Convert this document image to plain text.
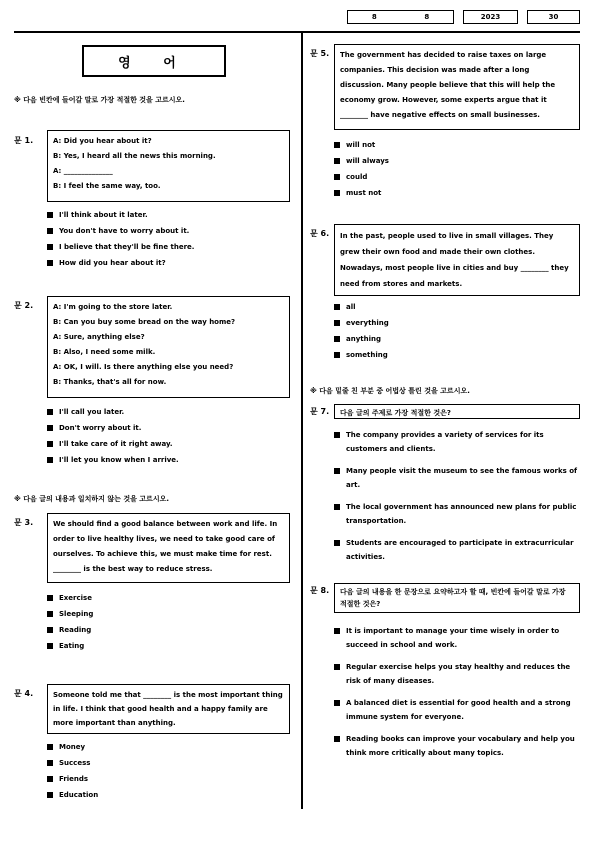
8	8	2023	30
영 어
※ 다음 빈칸에 들어갈 말로 가장 적절한 것을 고르시오.
문 1.	A: Did you hear about it?
B: Yes, I heard all the news this morning.
A: ______________
B: I feel the same way, too.
I'll think about it later.
You don't have to worry about it.
I believe that they'll be fine there.
How did you hear about it?
문 2.	A: I'm going to the store later.
B: Can you buy some bread on the way home?
A: Sure, anything else?
B: Also, I need some milk.
A: OK, I will. Is there anything else you need?
B: Thanks, that's all for now.
I'll call you later.
Don't worry about it.
I'll take care of it right away.
I'll let you know when I arrive.
※ 다음 글의 내용과 일치하지 않는 것을 고르시오.
문 3.	We should find a good balance between work and life. In order to live healthy lives, we need to take good care of ourselves. To achieve this, we must make time for rest. ________ is the best way to reduce stress.
Exercise
Sleeping
Reading
Eating
문 4.	Someone told me that ________ is the most important thing in life. I think that good health and a happy family are more important than anything.
Money
Success
Friends
Education
문 5.	The government has decided to raise taxes on large companies. This decision was made after a long discussion. Many people believe that this will help the economy grow. However, some experts argue that it ________ have negative effects on small businesses.
will not
will always
could
must not
문 6.	In the past, people used to live in small villages. They grew their own food and made their own clothes. Nowadays, most people live in cities and buy ________ they need from stores and markets.
all
everything
anything
something
※ 다음 밑줄 친 부분 중 어법상 틀린 것을 고르시오.
문 7.	다음 글의 주제로 가장 적절한 것은?
The company provides a variety of services for its customers and clients.
Many people visit the museum to see the famous works of art.
The local government has announced new plans for public transportation.
Students are encouraged to participate in extracurricular activities.
문 8.	다음 글의 내용을 한 문장으로 요약하고자 할 때, 빈칸에 들어갈 말로 가장 적절한 것은?
It is important to manage your time wisely in order to succeed in school and work.
Regular exercise helps you stay healthy and reduces the risk of many diseases.
A balanced diet is essential for good health and a strong immune system for everyone.
Reading books can improve your vocabulary and help you think more critically about many topics.
